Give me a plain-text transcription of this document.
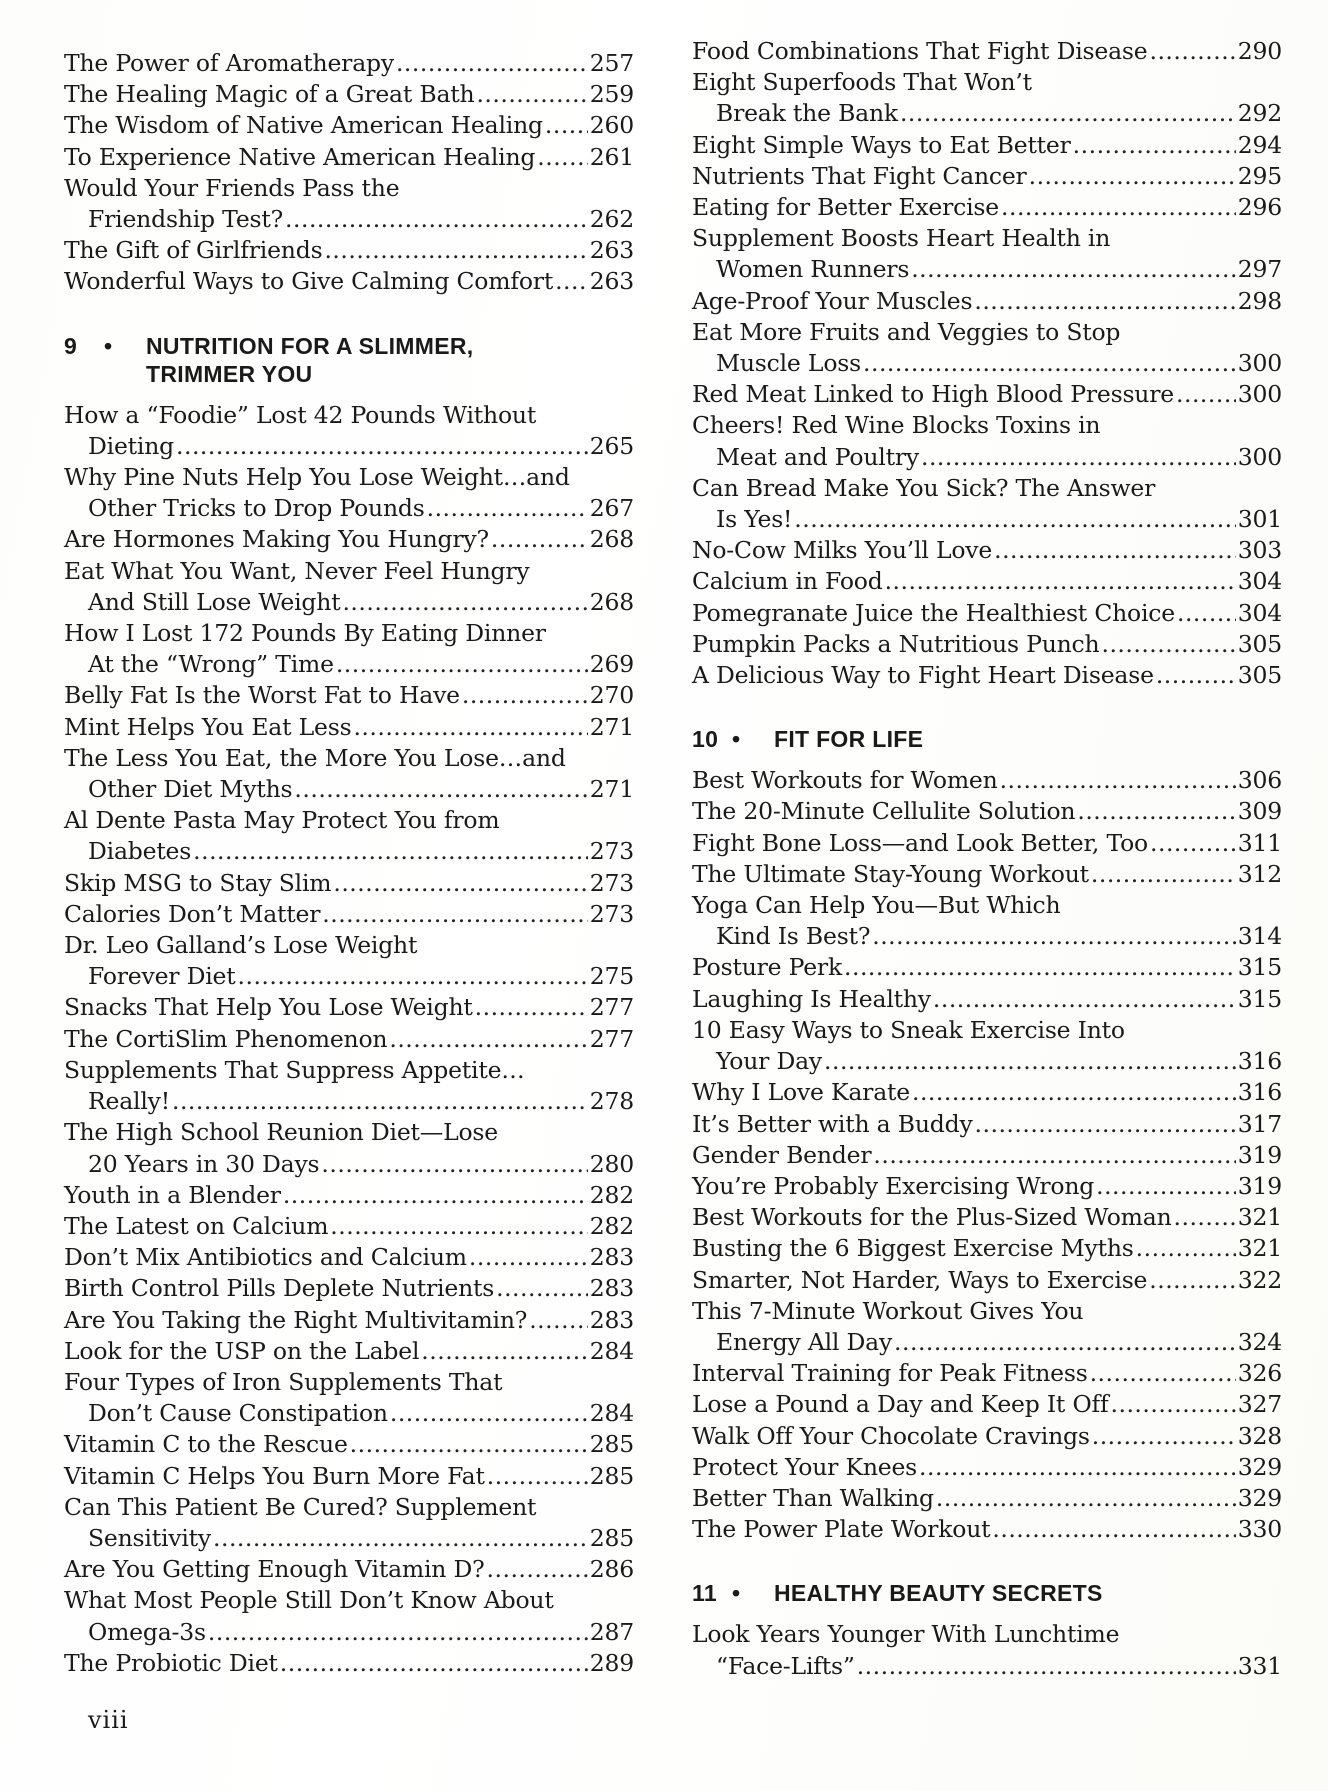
The Power of Aromatherapy .....	257
The Healing Magic of a Great Bath .....	259
The Wisdom of Native American Healing ..... 260
To Experience Native American Healing ..... 261
Would Your Friends Pass the
Friendship Test? .....	262
The Gift of Girlfriends .....	263
Wonderful Ways to Give Calming Comfort ..... 263
9	•	NUTRITION FOR A SLIMMER,
TRIMMER YOU
How a “Foodie” Lost 42 Pounds Without
Dieting .....	265
Why Pine Nuts Help You Lose Weight…and
Other Tricks to Drop Pounds .....	267
Are Hormones Making You Hungry? .....	268
Eat What You Want, Never Feel Hungry
And Still Lose Weight .....	268
How I Lost 172 Pounds By Eating Dinner
At the “Wrong” Time .....	269
Belly Fat Is the Worst Fat to Have .....	270
Mint Helps You Eat Less .....	271
The Less You Eat, the More You Lose…and
Other Diet Myths .....	271
Al Dente Pasta May Protect You from
Diabetes .....	273
Skip MSG to Stay Slim .....	273
Calories Don’t Matter .....	273
Dr. Leo Galland’s Lose Weight
Forever Diet .....	275
Snacks That Help You Lose Weight .....	277
The CortiSlim Phenomenon .....	277
Supplements That Suppress Appetite…
Really! .....	278
The High School Reunion Diet—Lose
20 Years in 30 Days .....	280
Youth in a Blender .....	282
The Latest on Calcium .....	282
Don’t Mix Antibiotics and Calcium .....	283
Birth Control Pills Deplete Nutrients .....	283
Are You Taking the Right Multivitamin? .....	283
Look for the USP on the Label .....	284
Four Types of Iron Supplements That
Don’t Cause Constipation .....	284
Vitamin C to the Rescue .....	285
Vitamin C Helps You Burn More Fat .....	285
Can This Patient Be Cured? Supplement
Sensitivity .....	285
Are You Getting Enough Vitamin D? .....	286
What Most People Still Don’t Know About
Omega-3s .....	287
The Probiotic Diet .....	289
Food Combinations That Fight Disease .....	290
Eight Superfoods That Won’t
Break the Bank .....	292
Eight Simple Ways to Eat Better .....	294
Nutrients That Fight Cancer .....	295
Eating for Better Exercise .....	296
Supplement Boosts Heart Health in
Women Runners .....	297
Age-Proof Your Muscles .....	298
Eat More Fruits and Veggies to Stop
Muscle Loss .....	300
Red Meat Linked to High Blood Pressure .....	300
Cheers! Red Wine Blocks Toxins in
Meat and Poultry .....	300
Can Bread Make You Sick? The Answer
Is Yes! .....	301
No-Cow Milks You’ll Love .....	303
Calcium in Food .....	304
Pomegranate Juice the Healthiest Choice .....	304
Pumpkin Packs a Nutritious Punch .....	305
A Delicious Way to Fight Heart Disease .....	305
10 •	FIT FOR LIFE
Best Workouts for Women .....	306
The 20-Minute Cellulite Solution .....	309
Fight Bone Loss—and Look Better, Too .....	311
The Ultimate Stay-Young Workout .....	312
Yoga Can Help You—But Which
Kind Is Best? .....	314
Posture Perk .....	315
Laughing Is Healthy .....	315
10 Easy Ways to Sneak Exercise Into
Your Day .....	316
Why I Love Karate .....	316
It’s Better with a Buddy .....	317
Gender Bender .....	319
You’re Probably Exercising Wrong .....	319
Best Workouts for the Plus-Sized Woman .....	321
Busting the 6 Biggest Exercise Myths .....	321
Smarter, Not Harder, Ways to Exercise .....	322
This 7-Minute Workout Gives You
Energy All Day .....	324
Interval Training for Peak Fitness .....	326
Lose a Pound a Day and Keep It Off .....	327
Walk Off Your Chocolate Cravings .....	328
Protect Your Knees .....	329
Better Than Walking .....	329
The Power Plate Workout .....	330
11 •	HEALTHY BEAUTY SECRETS
Look Years Younger With Lunchtime
“Face-Lifts” .....	331
viii
